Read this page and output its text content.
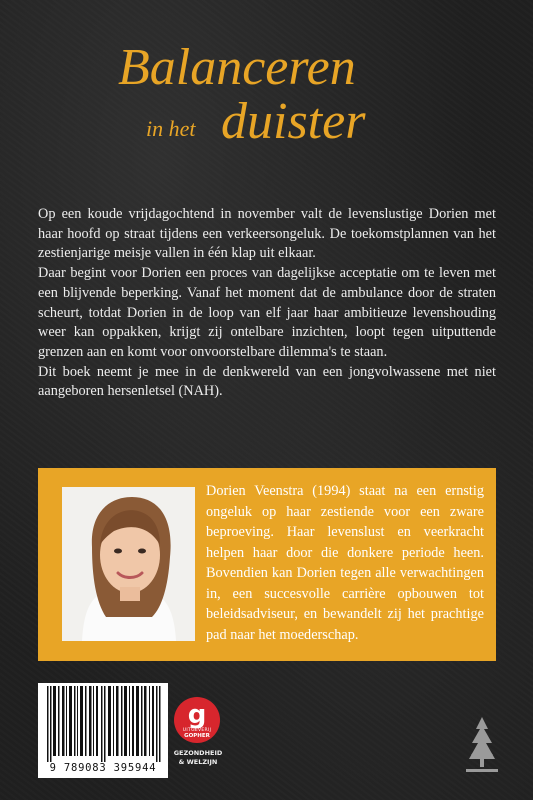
Balanceren
in het duister

Op een koude vrijdagochtend in november valt de levenslustige Dorien met haar hoofd op straat tijdens een verkeersongeluk. De toekomstplannen van het zestienjarige meisje vallen in één klap uit elkaar.

Daar begint voor Dorien een proces van dagelijkse acceptatie om te leven met een blijvende beperking. Vanaf het moment dat de ambulance door de straten scheurt, totdat Dorien in de loop van elf jaar haar ambitieuze levenshouding weer kan oppakken, krijgt zij ontelbare inzichten, loopt tegen uitputtende grenzen aan en komt voor onvoorstelbare dilemma's te staan.

Dit boek neemt je mee in de denkwereld van een jongvolwassene met niet aangeboren hersenletsel (NAH).

Dorien Veenstra (1994) staat na een ernstig ongeluk op haar zestiende voor een zware beproeving. Haar levenslust en veerkracht helpen haar door die donkere periode heen. Bovendien kan Dorien tegen alle verwachtingen in, een succesvolle carrière opbouwen tot beleidsadviseur, en bewandelt zij het prachtige pad naar het moederschap.
9 789083 395944
g
UITGEVERIJ
GOPHER
GEZONDHEID
& WELZIJN
